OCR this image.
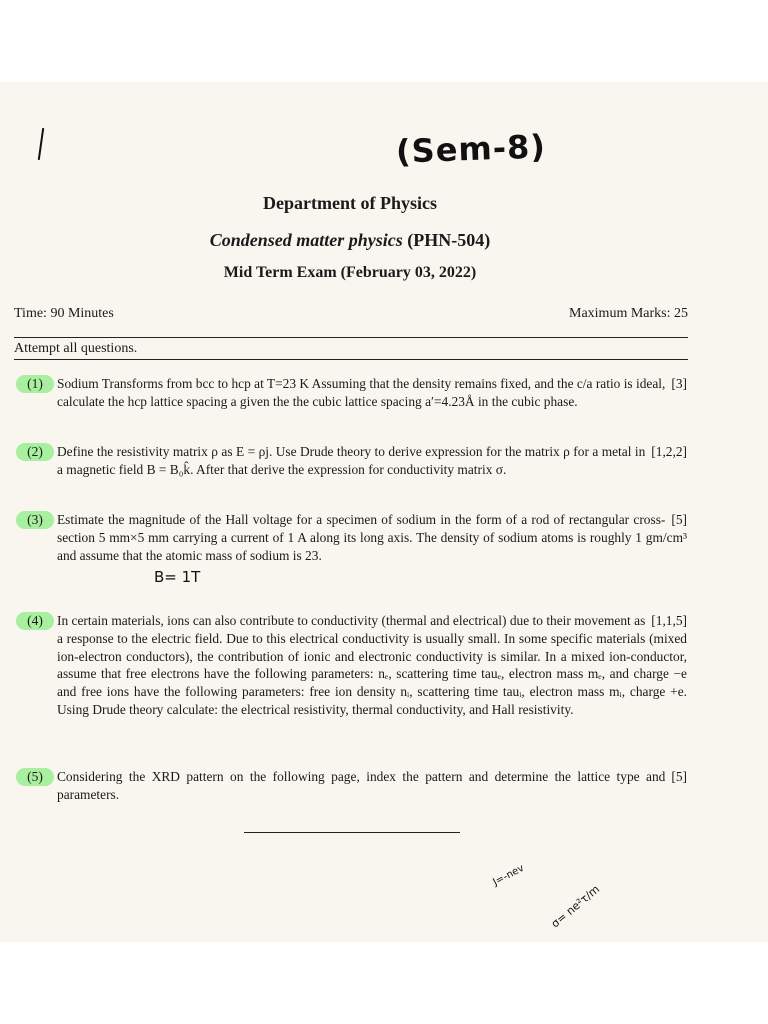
(Sem-8)
Department of Physics
Condensed matter physics (PHN-504)
Mid Term Exam (February 03, 2022)
Time: 90 Minutes	Maximum Marks: 25
Attempt all questions.
(1)	[3]
Sodium Transforms from bcc to hcp at T=23 K Assuming that the density remains fixed, and the c/a ratio is ideal, calculate the hcp lattice spacing a given the the cubic lattice spacing a′=4.23Å in the cubic phase.
(2)	[1,2,2]
Define the resistivity matrix ρ as E = ρj. Use Drude theory to derive expression for the matrix ρ for a metal in a magnetic field B = B₀k̂. After that derive the expression for conductivity matrix σ.
(3)	[5]
Estimate the magnitude of the Hall voltage for a specimen of sodium in the form of a rod of rectangular cross-section 5 mm×5 mm carrying a current of 1 A along its long axis. The density of sodium atoms is roughly 1 gm/cm³ and assume that the atomic mass of sodium is 23.
B= 1T
(4)	[1,1,5]
In certain materials, ions can also contribute to conductivity (thermal and electrical) due to their movement as a response to the electric field. Due to this electrical conductivity is usually small. In some specific materials (mixed ion-electron conductors), the contribution of ionic and electronic conductivity is similar. In a mixed ion-conductor, assume that free electrons have the following parameters: nₑ, scattering time tauₑ, electron mass mₑ, and charge −e and free ions have the following parameters: free ion density nᵢ, scattering time tauᵢ, electron mass mᵢ, charge +e. Using Drude theory calculate: the electrical resistivity, thermal conductivity, and Hall resistivity.
(5)	[5]
Considering the XRD pattern on the following page, index the pattern and determine the lattice type and parameters.
J=-nev
σ= ne²τ/m
